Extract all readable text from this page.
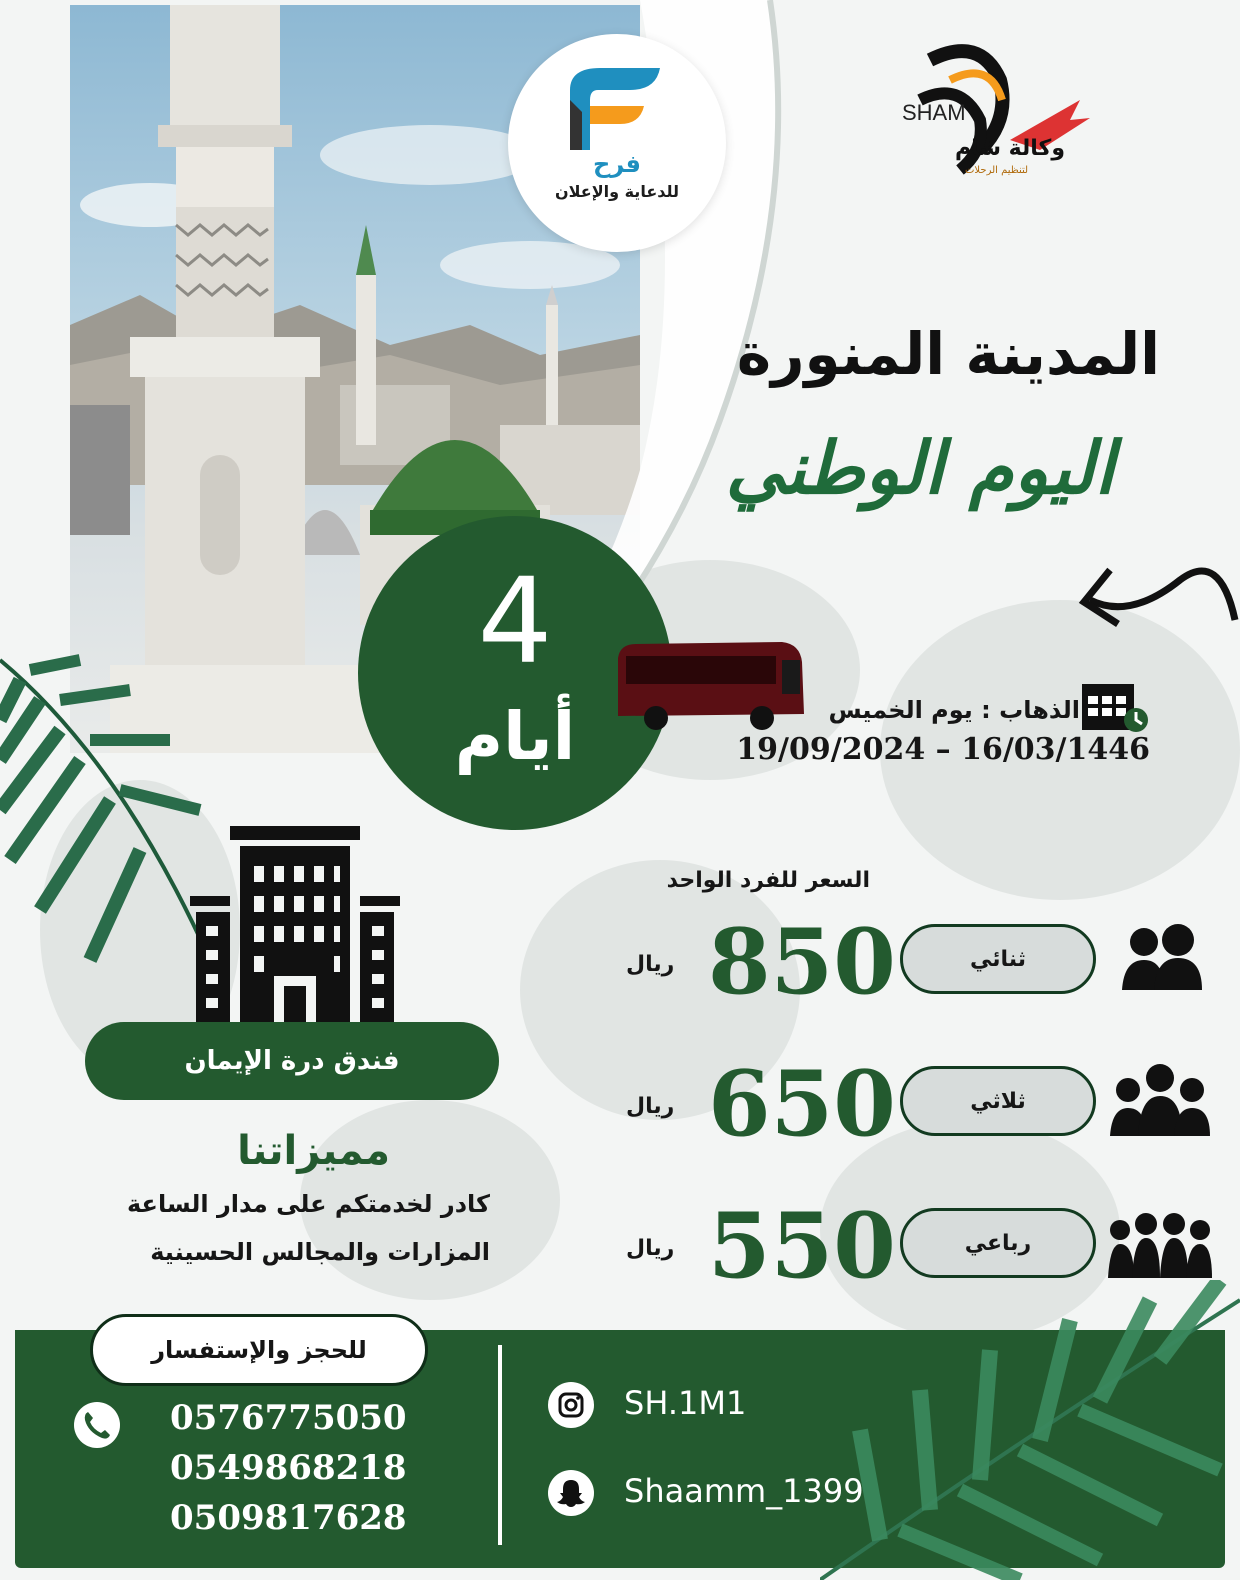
فرح
للدعاية والإعلان
SHAM
وكالة شام
لتنظيم الرحلات
المدينة المنورة
اليوم الوطني
4
أيام	الذهاب : يوم الخميس
19/09/2024 – 16/03/1446
السعر للفرد الواحد
ريال 850	ثنائي
ريال 650	ثلاثي
ريال 550	رباعي
فندق درة الإيمان
مميزاتنا
كادر لخدمتكم على مدار الساعة
المزارات والمجالس الحسينية
للحجز والإستفسار
0576775050
0549868218
0509817628
SH.1M1
Shaamm_1399
